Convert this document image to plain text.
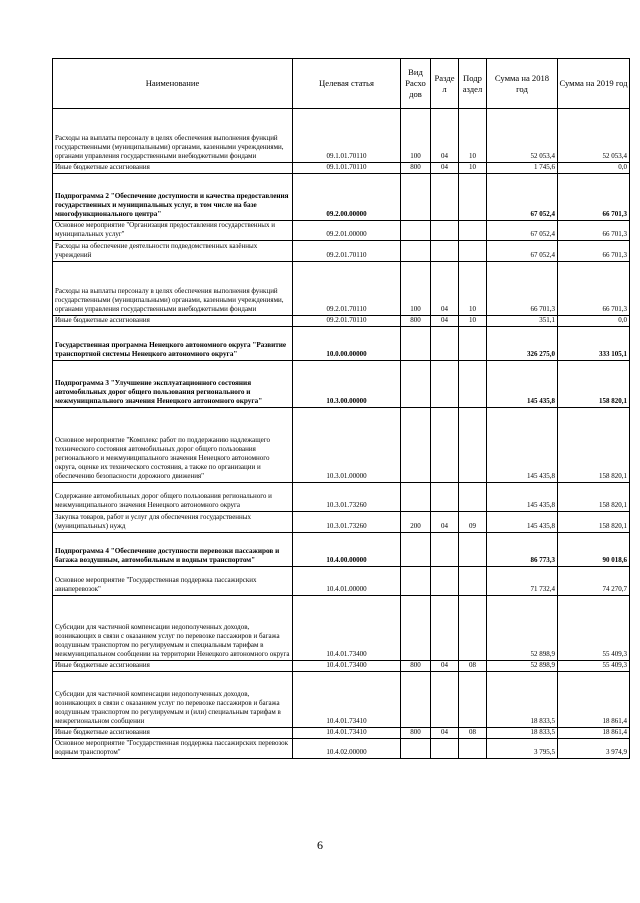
Наименование	Целевая статья	Вид Расхо дов	Разде л	Подр аздел	Сумма на 2018 год	Сумма на 2019 год
Расходы на выплаты персоналу в целях обеспечения выполнения функций государственными (муниципальными) органами, казенными учреждениями, органами управления государственными внебюджетными фондами	09.1.01.70110	100	04	10	52 053,4	52 053,4
Иные бюджетные ассигнования	09.1.01.70110	800	04	10	1 745,6	0,0
Подпрограмма 2 "Обеспечение доступности и качества предоставления государственных и муниципальных услуг, в том числе на базе многофункционального центра"	09.2.00.00000				67 052,4	66 701,3
Основное мероприятие "Организация предоставления государственных и муниципальных услуг"	09.2.01.00000				67 052,4	66 701,3
Расходы на обеспечение деятельности подведомственных казённых учреждений	09.2.01.70110				67 052,4	66 701,3
Расходы на выплаты персоналу в целях обеспечения выполнения функций государственными (муниципальными) органами, казенными учреждениями, органами управления государственными внебюджетными фондами	09.2.01.70110	100	04	10	66 701,3	66 701,3
Иные бюджетные ассигнования	09.2.01.70110	800	04	10	351,1	0,0
Государственная программа Ненецкого автономного округа "Развитие транспортной системы Ненецкого автономного округа"	10.0.00.00000				326 275,0	333 105,1
Подпрограмма 3 "Улучшение эксплуатационного состояния автомобильных дорог общего пользования регионального и межмуниципального значения Ненецкого автономного округа"	10.3.00.00000				145 435,8	158 820,1
Основное мероприятие "Комплекс работ по поддержанию надлежащего технического состояния автомобильных дорог общего пользования регионального и межмуниципального значения Ненецкого автономного округа, оценке их технического состояния, а также по организации и обеспечению безопасности дорожного движения"	10.3.01.00000				145 435,8	158 820,1
Содержание автомобильных дорог общего пользования регионального и межмуниципального значения Ненецкого автономного округа	10.3.01.73260				145 435,8	158 820,1
Закупка товаров, работ и услуг для обеспечения государственных (муниципальных) нужд	10.3.01.73260	200	04	09	145 435,8	158 820,1
Подпрограмма 4 "Обеспечение доступности перевозки пассажиров и багажа воздушным, автомобильным и водным транспортом"	10.4.00.00000				86 773,3	90 018,6
Основное мероприятие "Государственная поддержка пассажирских авиаперевозок"	10.4.01.00000				71 732,4	74 270,7
Субсидии для частичной компенсации недополученных доходов, возникающих в связи с оказанием услуг по перевозке пассажиров и багажа воздушным транспортом по регулируемым и специальным тарифам в межмуниципальном сообщении на территории Ненецкого автономного округа	10.4.01.73400				52 898,9	55 409,3
Иные бюджетные ассигнования	10.4.01.73400	800	04	08	52 898,9	55 409,3
Субсидии для частичной компенсации недополученных доходов, возникающих в связи с оказанием услуг по перевозке пассажиров и багажа воздушным транспортом по регулируемым и (или) специальным тарифам в межрегиональном сообщении	10.4.01.73410				18 833,5	18 861,4
Иные бюджетные ассигнования	10.4.01.73410	800	04	08	18 833,5	18 861,4
Основное мероприятие "Государственная поддержка пассажирских перевозок водным транспортом"	10.4.02.00000				3 795,5	3 974,9
6
